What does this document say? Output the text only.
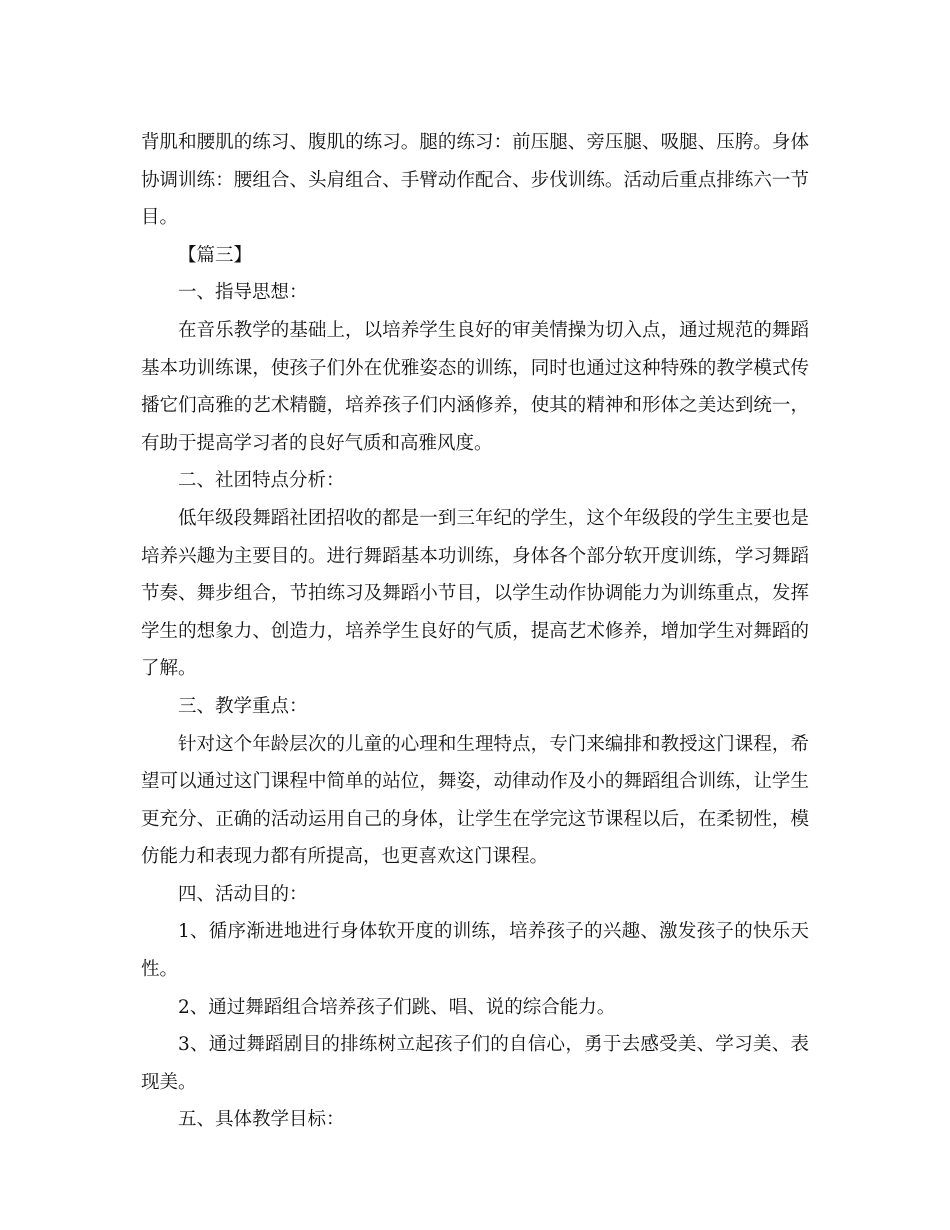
背肌和腰肌的练习、腹肌的练习。腿的练习：前压腿、旁压腿、吸腿、压胯。身体协调训练：腰组合、头肩组合、手臂动作配合、步伐训练。活动后重点排练六一节目。

【篇三】

一、指导思想：

在音乐教学的基础上，以培养学生良好的审美情操为切入点，通过规范的舞蹈基本功训练课，使孩子们外在优雅姿态的训练，同时也通过这种特殊的教学模式传播它们高雅的艺术精髓，培养孩子们内涵修养，使其的精神和形体之美达到统一，有助于提高学习者的良好气质和高雅风度。

二、社团特点分析：

低年级段舞蹈社团招收的都是一到三年纪的学生，这个年级段的学生主要也是培养兴趣为主要目的。进行舞蹈基本功训练，身体各个部分软开度训练，学习舞蹈节奏、舞步组合，节拍练习及舞蹈小节目，以学生动作协调能力为训练重点，发挥学生的想象力、创造力，培养学生良好的气质，提高艺术修养，增加学生对舞蹈的了解。

三、教学重点：

针对这个年龄层次的儿童的心理和生理特点，专门来编排和教授这门课程，希望可以通过这门课程中简单的站位，舞姿，动律动作及小的舞蹈组合训练，让学生更充分、正确的活动运用自己的身体，让学生在学完这节课程以后，在柔韧性，模仿能力和表现力都有所提高，也更喜欢这门课程。

四、活动目的：

1、循序渐进地进行身体软开度的训练，培养孩子的兴趣、激发孩子的快乐天性。

2、通过舞蹈组合培养孩子们跳、唱、说的综合能力。

3、通过舞蹈剧目的排练树立起孩子们的自信心，勇于去感受美、学习美、表现美。

五、具体教学目标：
